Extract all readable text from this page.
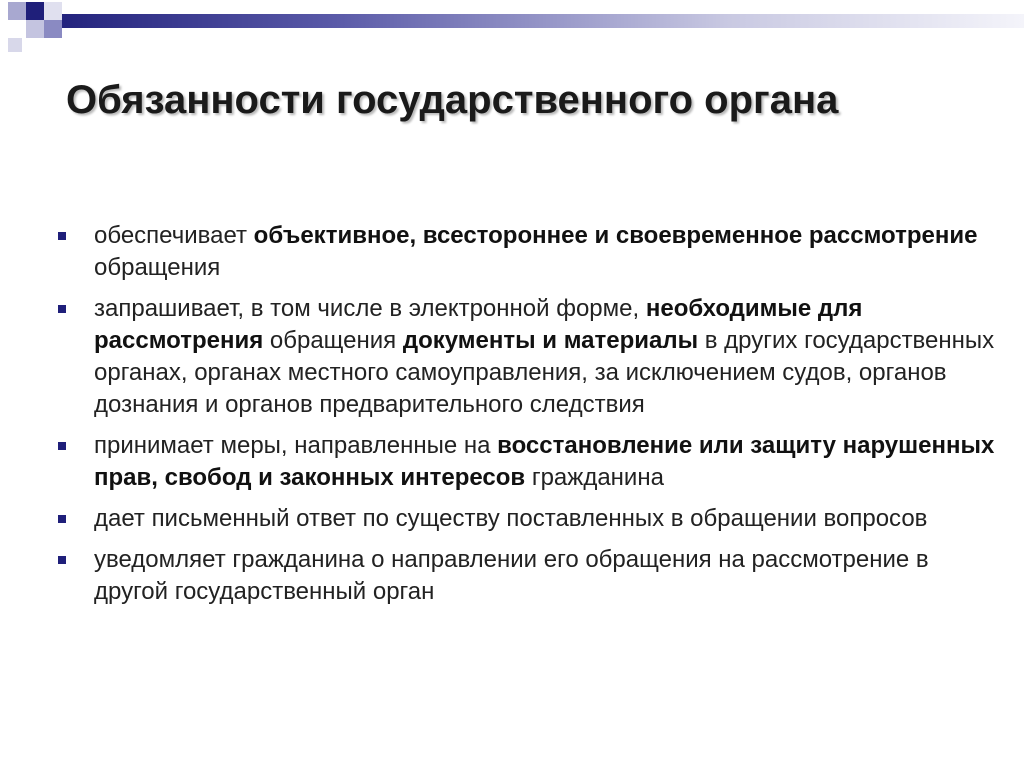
Обязанности государственного органа
обеспечивает объективное, всестороннее и своевременное рассмотрение обращения
запрашивает, в том числе в электронной форме, необходимые для рассмотрения обращения документы и материалы в других государственных органах, органах местного самоуправления, за исключением судов, органов дознания и органов предварительного следствия
принимает меры, направленные на восстановление или защиту нарушенных прав, свобод и законных интересов гражданина
дает письменный ответ по существу поставленных в обращении вопросов
уведомляет гражданина о направлении его обращения на рассмотрение в другой государственный орган
